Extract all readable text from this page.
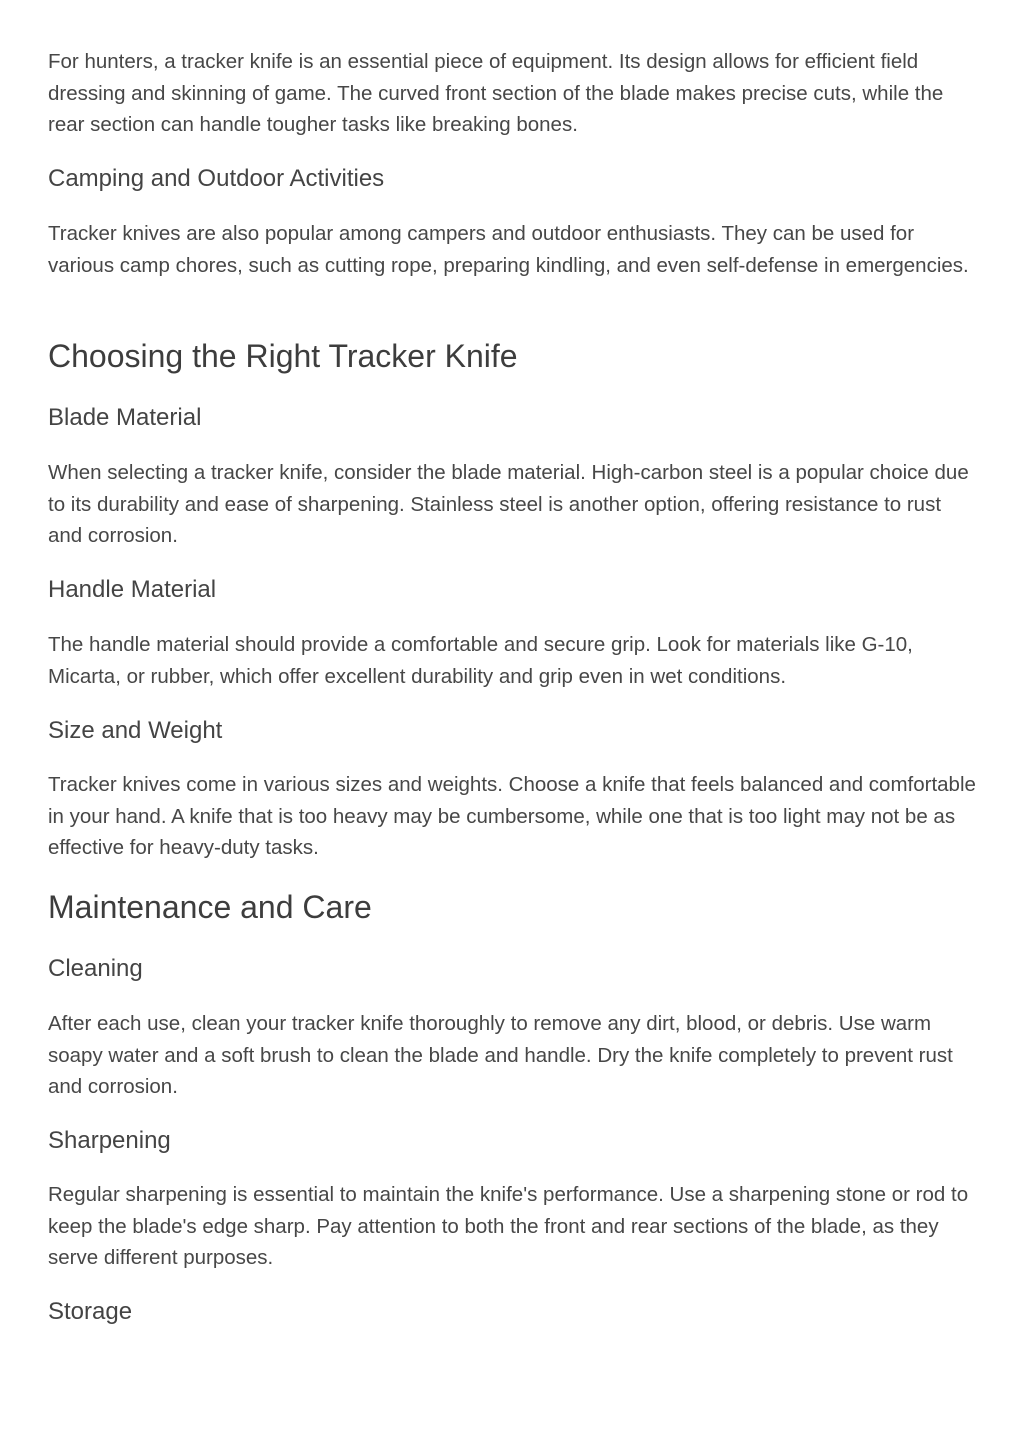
For hunters, a tracker knife is an essential piece of equipment. Its design allows for efficient field dressing and skinning of game. The curved front section of the blade makes precise cuts, while the rear section can handle tougher tasks like breaking bones.

Camping and Outdoor Activities

Tracker knives are also popular among campers and outdoor enthusiasts. They can be used for various camp chores, such as cutting rope, preparing kindling, and even self-defense in emergencies.

Choosing the Right Tracker Knife
Blade Material

When selecting a tracker knife, consider the blade material. High-carbon steel is a popular choice due to its durability and ease of sharpening. Stainless steel is another option, offering resistance to rust and corrosion.

Handle Material

The handle material should provide a comfortable and secure grip. Look for materials like G-10, Micarta, or rubber, which offer excellent durability and grip even in wet conditions.

Size and Weight

Tracker knives come in various sizes and weights. Choose a knife that feels balanced and comfortable in your hand. A knife that is too heavy may be cumbersome, while one that is too light may not be as effective for heavy-duty tasks.

Maintenance and Care
Cleaning

After each use, clean your tracker knife thoroughly to remove any dirt, blood, or debris. Use warm soapy water and a soft brush to clean the blade and handle. Dry the knife completely to prevent rust and corrosion.

Sharpening

Regular sharpening is essential to maintain the knife's performance. Use a sharpening stone or rod to keep the blade's edge sharp. Pay attention to both the front and rear sections of the blade, as they serve different purposes.

Storage
